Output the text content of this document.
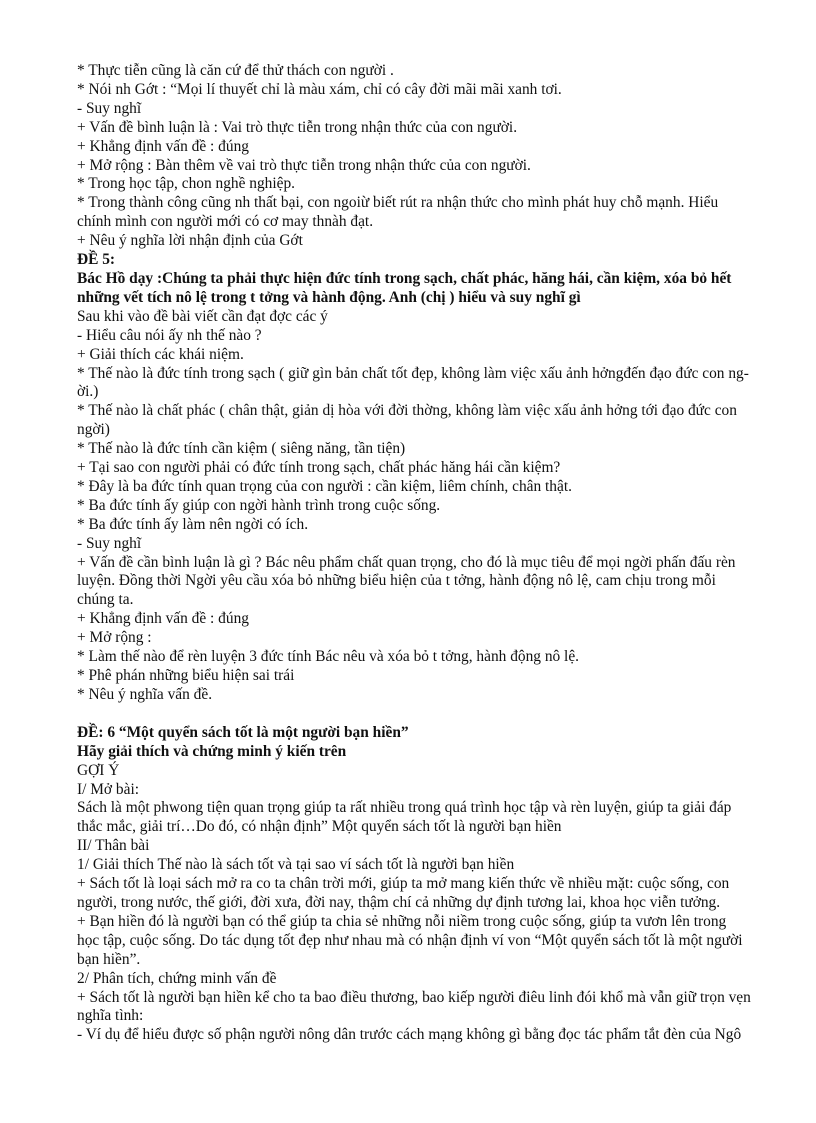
* Thực tiễn cũng là căn cứ để thử thách con người .
* Nói nh Gớt : “Mọi lí thuyết chỉ là màu xám, chỉ có cây đời mãi mãi xanh tơi.
- Suy nghĩ
+ Vấn đề bình luận là : Vai trò thực tiễn trong nhận thức của con người.
+ Khẳng định vấn đề : đúng
+ Mở rộng : Bàn thêm về vai trò thực tiễn trong nhận thức của con người.
* Trong học tập, chon nghề nghiệp.
* Trong thành công cũng nh thất bại, con ngoiừ biết rút ra nhận thức cho mình phát huy chỗ mạnh. Hiểu
chính mình con người mới có cơ may thnàh đạt.
+ Nêu ý nghĩa lời nhận định của Gớt
ĐỀ 5:
Bác Hồ dạy :Chúng ta phải thực hiện đức tính trong sạch, chất phác, hăng hái, cần kiệm, xóa bỏ hết
những vết tích nô lệ trong t tởng và hành động. Anh (chị ) hiểu và suy nghĩ gì
Sau khi vào đề bài viết cần đạt đợc các ý
- Hiểu câu nói ấy nh thế nào ?
+ Giải thích các khái niệm.
* Thế nào là đức tính trong sạch ( giữ gìn bản chất tốt đẹp, không làm việc xấu ảnh hởngđến đạo đức con ng-
ời.)
* Thế nào là chất phác ( chân thật, giản dị hòa với đời thờng, không làm việc xấu ảnh hởng tới đạo đức con
ngời)
* Thế nào là đức tính cần kiệm ( siêng năng, tần tiện)
+ Tại sao con người phải có đức tính trong sạch, chất phác hăng hái cần kiệm?
* Đây là ba đức tính quan trọng của con người : cần kiệm, liêm chính, chân thật.
* Ba đức tính ấy giúp con ngời hành trình trong cuộc sống.
* Ba đức tính ấy làm nên ngời có ích.
- Suy nghĩ
+ Vấn đề cần bình luận là gì ? Bác nêu phẩm chất quan trọng, cho đó là mục tiêu để mọi ngời phấn đấu rèn
luyện. Đồng thời Ngời yêu cầu xóa bỏ những biểu hiện của t tởng, hành động nô lệ, cam chịu trong mỗi
chúng ta.
+ Khẳng định vấn đề : đúng
+ Mở rộng :
* Làm thế nào để rèn luyện 3 đức tính Bác nêu và xóa bỏ t tởng, hành động nô lệ.
* Phê phán những biểu hiện sai trái
* Nêu ý nghĩa vấn đề.
ĐỀ: 6 “Một quyển sách tốt là một người bạn hiền”
Hãy giải thích và chứng minh ý kiến trên
GỢI Ý
I/ Mở bài:
Sách là một phwong tiện quan trọng giúp ta rất nhiều trong quá trình học tập và rèn luyện, giúp ta giải đáp
thắc mắc, giải trí…Do đó, có nhận định” Một quyển sách tốt là người bạn hiền
II/ Thân bài
1/ Giải thích Thế nào là sách tốt và tại sao ví sách tốt là người bạn hiền
+ Sách tốt là loại sách mở ra co ta chân trời mới, giúp ta mở mang kiến thức về nhiều mặt: cuộc sống, con
người, trong nước, thế giới, đời xưa, đời nay, thậm chí cả những dự định tương lai, khoa học viễn tưởng.
+ Bạn hiền đó là người bạn có thể giúp ta chia sẻ những nỗi niềm trong cuộc sống, giúp ta vươn lên trong
học tập, cuộc sống. Do tác dụng tốt đẹp như nhau mà có nhận định ví von “Một quyển sách tốt là một người
bạn hiền”.
2/ Phân tích, chứng minh vấn đề
+ Sách tốt là người bạn hiền kể cho ta bao điều thương, bao kiếp người điêu linh đói khổ mà vẫn giữ trọn vẹn
nghĩa tình:
- Ví dụ để hiểu được số phận người nông dân trước cách mạng không gì bằng đọc tác phẩm tắt đèn của Ngô
